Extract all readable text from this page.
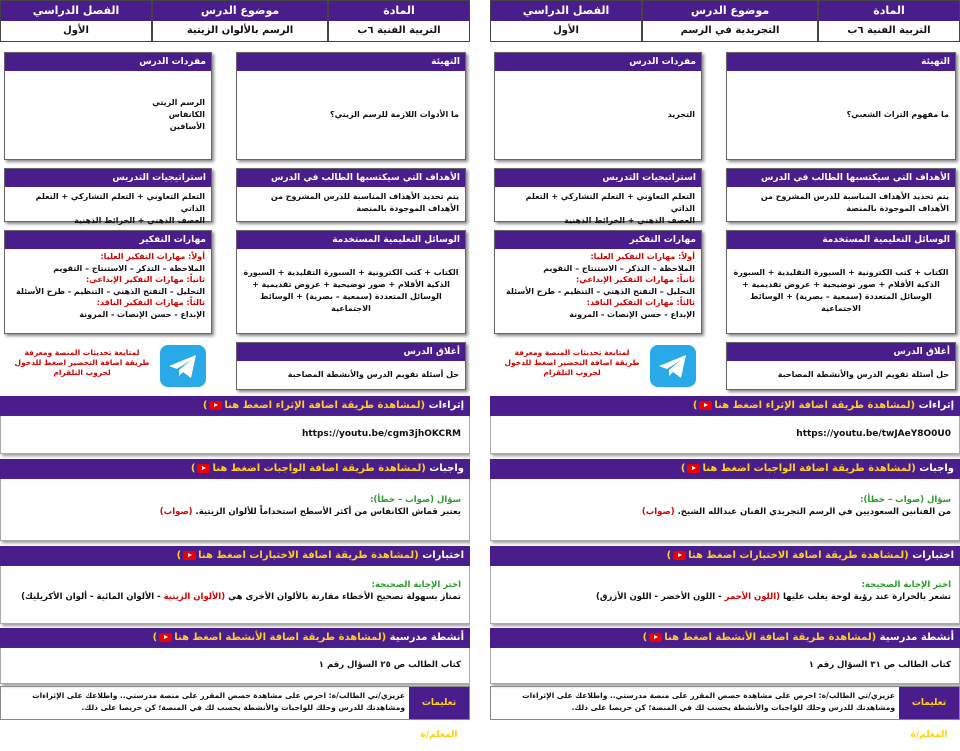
المادة
التربية الفنية ٦ب
موضوع الدرس
الرسم بالألوان الزيتية
الفصل الدراسي
الأول
التهيئة
ما الأدوات اللازمة للرسم الزيتي؟
مفردات الدرس
الرسم الزيتي
الكانفاس
الأسافين
الأهداف التي سيكتسبها الطالب في الدرس
يتم تحديد الأهداف المناسبة للدرس المشروح من الأهداف الموجودة بالمنصة
استراتيجيات التدريس
التعلم التعاوني + التعلم التشاركي + التعلم الذاتي
العصف الذهني + الخرائط الذهنية
الوسائل التعليمية المستخدمة
الكتاب + كتب الكترونية + السبورة التقليدية + السبورة الذكية الأقلام + صور توضيحية + عروض تقديمية + الوسائل المتعددة (سمعية – بصرية) + الوسائط الاجتماعية
مهارات التفكير
أولاً: مهارات التفكير العليا:
الملاحظة – التذكر – الاستنتاج – التقويم
ثانياً: مهارات التفكير الإبداعي:
التحليل – التفتح الذهني – التنظيم - طرح الأسئلة
ثالثاً: مهارات التفكير الناقد:
الإبداع - حسن الإنصات - المرونة
لمتابعة تحديثات المنصة ومعرفة طريقة اضافة التحضير اضغط للدخول لجروب التلقرام
أغلاق الدرس
حل أسئلة تقويم الدرس والأنشطة المصاحبة
إثراءات (لمشاهدة طريقة اضافة الإثراء اضغط هنا)
https://youtu.be/cgm3jhOKCRM
واجبات (لمشاهدة طريقة اضافة الواجبات اضغط هنا)
سؤال (صواب – خطأ):
يعتبر قماش الكانفاس من أكثر الأسطح استخداماً للألوان الزيتية. (صواب)
اختبارات (لمشاهدة طريقة اضافة الاختبارات اضغط هنا)
اختر الإجابة الصحيحة:
تمتاز بسهولة تصحيح الأخطاء مقارنة بالألوان الأخرى هي (الألوان الزيتية - الألوان المائية - ألوان الأكريليك)
أنشطة مدرسية (لمشاهدة طريقة اضافة الأنشطة اضغط هنا)
كتاب الطالب ص ٢٥ السؤال رقم ١
تعليمات المعلم/ة
عزيزي/تي الطالب/ة: احرص على مشاهدة حصص المقرر على منصة مدرستي.. واطلاعك على الإثراءات ومشاهدتك للدرس وحلك للواجبات والأنشطة يحسب لك في المنصة؛ كن حريصا على ذلك.
المادة
التربية الفنية ٦ب
موضوع الدرس
التجريدية في الرسم
الفصل الدراسي
الأول
التهيئة
ما مفهوم التراث الشعبي؟
مفردات الدرس
التجريد
الأهداف التي سيكتسبها الطالب في الدرس
يتم تحديد الأهداف المناسبة للدرس المشروح من الأهداف الموجودة بالمنصة
استراتيجيات التدريس
التعلم التعاوني + التعلم التشاركي + التعلم الذاتي
العصف الذهني + الخرائط الذهنية
الوسائل التعليمية المستخدمة
الكتاب + كتب الكترونية + السبورة التقليدية + السبورة الذكية الأقلام + صور توضيحية + عروض تقديمية + الوسائل المتعددة (سمعية – بصرية) + الوسائط الاجتماعية
مهارات التفكير
أولاً: مهارات التفكير العليا:
الملاحظة – التذكر – الاستنتاج – التقويم
ثانياً: مهارات التفكير الإبداعي:
التحليل – التفتح الذهني – التنظيم - طرح الأسئلة
ثالثاً: مهارات التفكير الناقد:
الإبداع - حسن الإنصات - المرونة
لمتابعة تحديثات المنصة ومعرفة طريقة اضافة التحضير اضغط للدخول لجروب التلقرام
أغلاق الدرس
حل أسئلة تقويم الدرس والأنشطة المصاحبة
إثراءات (لمشاهدة طريقة اضافة الإثراء اضغط هنا)
https://youtu.be/twJAeY8O0U0
واجبات (لمشاهدة طريقة اضافة الواجبات اضغط هنا)
سؤال (صواب – خطأ):
من الفنانين السعوديين في الرسم التجريدي الفنان عبدالله الشيخ. (صواب)
اختبارات (لمشاهدة طريقة اضافة الاختبارات اضغط هنا)
اختر الإجابة الصحيحة:
تشعر بالحرارة عند رؤية لوحة يغلب عليها (اللون الأحمر - اللون الأخضر - اللون الأزرق)
أنشطة مدرسية (لمشاهدة طريقة اضافة الأنشطة اضغط هنا)
كتاب الطالب ص ٣١ السؤال رقم ١
تعليمات المعلم/ة
عزيزي/تي الطالب/ة: احرص على مشاهدة حصص المقرر على منصة مدرستي.. واطلاعك على الإثراءات ومشاهدتك للدرس وحلك للواجبات والأنشطة يحسب لك في المنصة؛ كن حريصا على ذلك.
